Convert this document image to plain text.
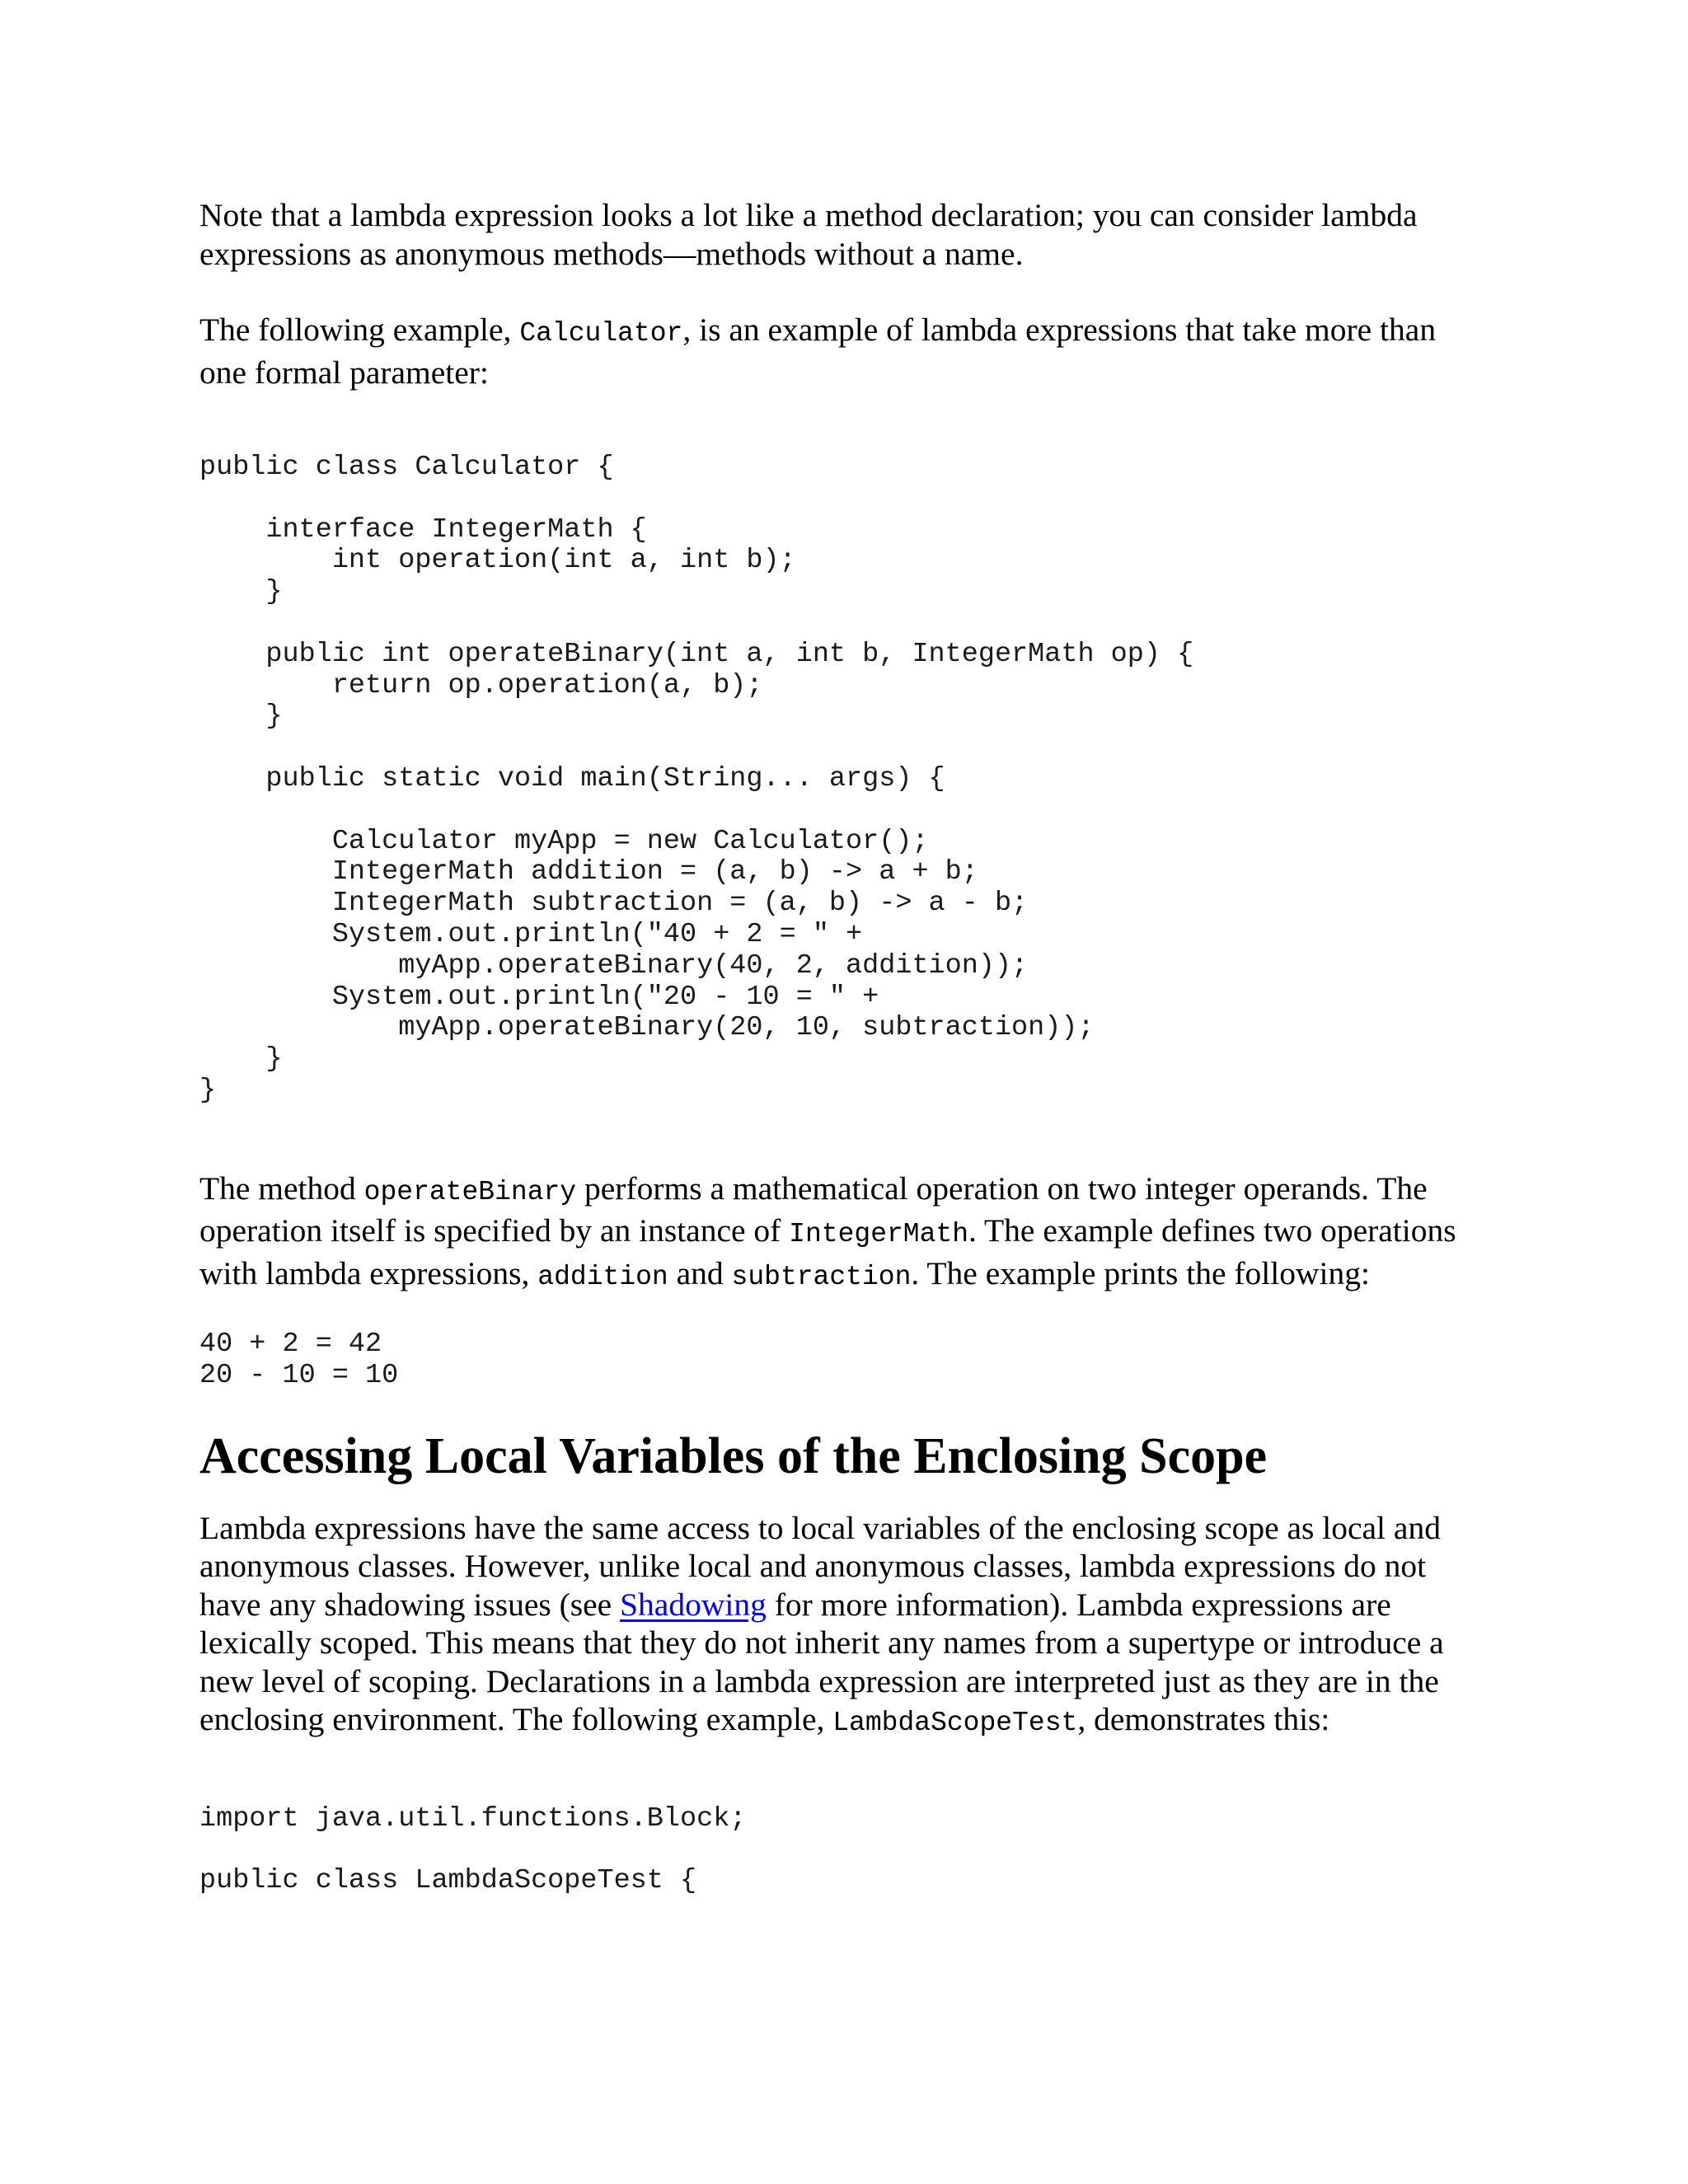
Note that a lambda expression looks a lot like a method declaration; you can consider lambda expressions as anonymous methods—methods without a name.

The following example, Calculator, is an example of lambda expressions that take more than one formal parameter:

public class Calculator {

interface IntegerMath {
int operation(int a, int b);
}

public int operateBinary(int a, int b, IntegerMath op) {
return op.operation(a, b);
}

public static void main(String... args) {

Calculator myApp = new Calculator();
IntegerMath addition = (a, b) -> a + b;
IntegerMath subtraction = (a, b) -> a - b;
System.out.println("40 + 2 = " +
myApp.operateBinary(40, 2, addition));
System.out.println("20 - 10 = " +
myApp.operateBinary(20, 10, subtraction));
}
}

The method operateBinary performs a mathematical operation on two integer operands. The operation itself is specified by an instance of IntegerMath. The example defines two operations with lambda expressions, addition and subtraction. The example prints the following:

40 + 2 = 42
20 - 10 = 10
Accessing Local Variables of the Enclosing Scope

Lambda expressions have the same access to local variables of the enclosing scope as local and anonymous classes. However, unlike local and anonymous classes, lambda expressions do not have any shadowing issues (see Shadowing for more information). Lambda expressions are lexically scoped. This means that they do not inherit any names from a supertype or introduce a new level of scoping. Declarations in a lambda expression are interpreted just as they are in the enclosing environment. The following example, LambdaScopeTest, demonstrates this:

import java.util.functions.Block;

public class LambdaScopeTest {
